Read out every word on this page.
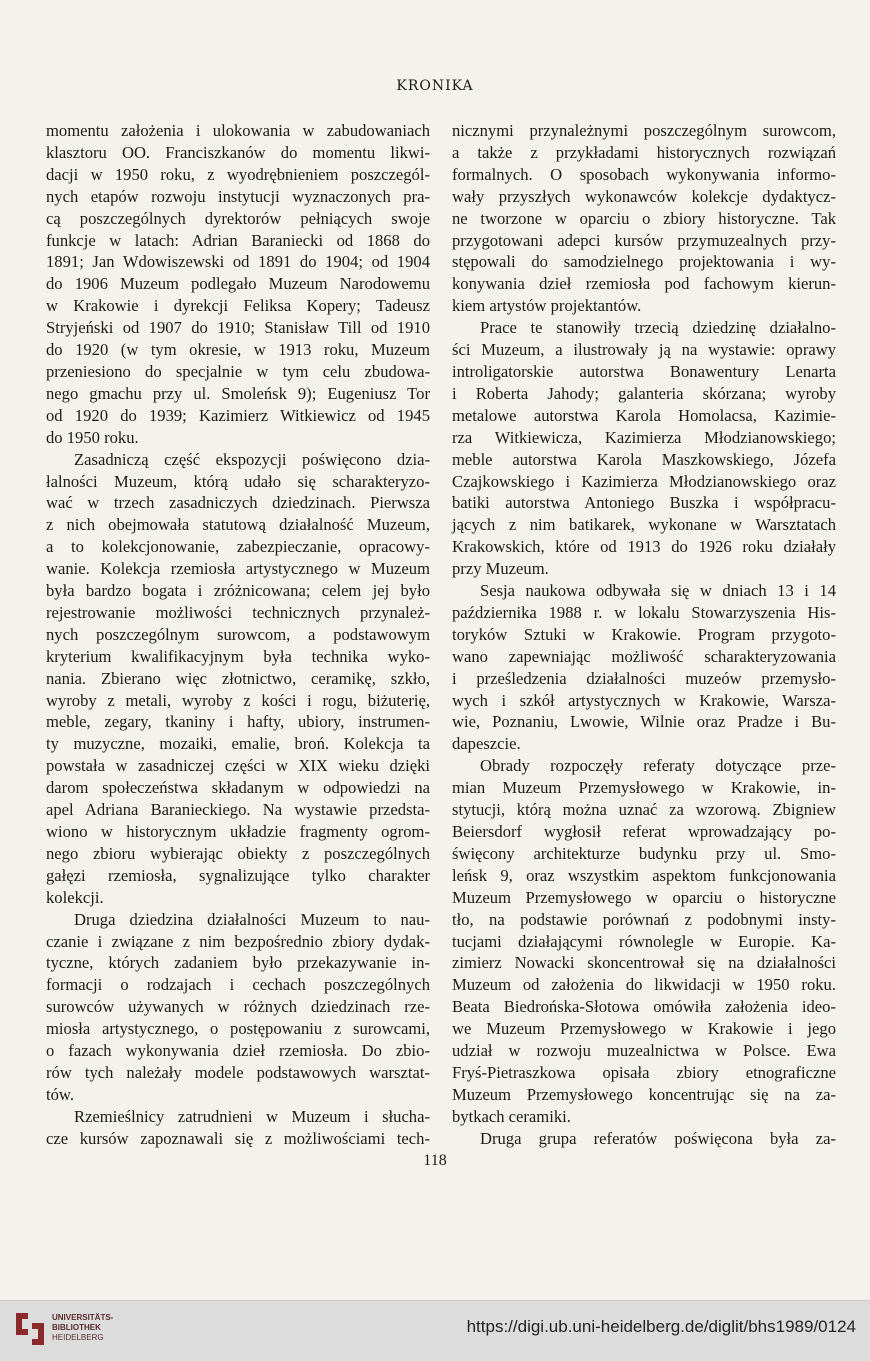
KRONIKA

momentu założenia i ulokowania w zabudowaniach

klasztoru OO. Franciszkanów do momentu likwi-

dacji w 1950 roku, z wyodrębnieniem poszczegól-

nych etapów rozwoju instytucji wyznaczonych pra-

cą poszczególnych dyrektorów pełniących swoje

funkcje w latach: Adrian Baraniecki od 1868 do

1891; Jan Wdowiszewski od 1891 do 1904; od 1904

do 1906 Muzeum podlegało Muzeum Narodowemu

w Krakowie i dyrekcji Feliksa Kopery; Tadeusz

Stryjeński od 1907 do 1910; Stanisław Till od 1910

do 1920 (w tym okresie, w 1913 roku, Muzeum

przeniesiono do specjalnie w tym celu zbudowa-

nego gmachu przy ul. Smoleńsk 9); Eugeniusz Tor

od 1920 do 1939; Kazimierz Witkiewicz od 1945

do 1950 roku.

Zasadniczą część ekspozycji poświęcono dzia-

łalności Muzeum, którą udało się scharakteryzo-

wać w trzech zasadniczych dziedzinach. Pierwsza

z nich obejmowała statutową działalność Muzeum,

a to kolekcjonowanie, zabezpieczanie, opracowy-

wanie. Kolekcja rzemiosła artystycznego w Muzeum

była bardzo bogata i zróżnicowana; celem jej było

rejestrowanie możliwości technicznych przynależ-

nych poszczególnym surowcom, a podstawowym

kryterium kwalifikacyjnym była technika wyko-

nania. Zbierano więc złotnictwo, ceramikę, szkło,

wyroby z metali, wyroby z kości i rogu, biżuterię,

meble, zegary, tkaniny i hafty, ubiory, instrumen-

ty muzyczne, mozaiki, emalie, broń. Kolekcja ta

powstała w zasadniczej części w XIX wieku dzięki

darom społeczeństwa składanym w odpowiedzi na

apel Adriana Baranieckiego. Na wystawie przedsta-

wiono w historycznym układzie fragmenty ogrom-

nego zbioru wybierając obiekty z poszczególnych

gałęzi rzemiosła, sygnalizujące tylko charakter

kolekcji.

Druga dziedzina działalności Muzeum to nau-

czanie i związane z nim bezpośrednio zbiory dydak-

tyczne, których zadaniem było przekazywanie in-

formacji o rodzajach i cechach poszczególnych

surowców używanych w różnych dziedzinach rze-

miosła artystycznego, o postępowaniu z surowcami,

o fazach wykonywania dzieł rzemiosła. Do zbio-

rów tych należały modele podstawowych warsztat-

tów.

Rzemieślnicy zatrudnieni w Muzeum i słucha-

cze kursów zapoznawali się z możliwościami tech-

nicznymi przynależnymi poszczególnym surowcom,

a także z przykładami historycznych rozwiązań

formalnych. O sposobach wykonywania informo-

wały przyszłych wykonawców kolekcje dydaktycz-

ne tworzone w oparciu o zbiory historyczne. Tak

przygotowani adepci kursów przymuzealnych przy-

stępowali do samodzielnego projektowania i wy-

konywania dzieł rzemiosła pod fachowym kierun-

kiem artystów projektantów.

Prace te stanowiły trzecią dziedzinę działalno-

ści Muzeum, a ilustrowały ją na wystawie: oprawy

introligatorskie autorstwa Bonawentury Lenarta

i Roberta Jahody; galanteria skórzana; wyroby

metalowe autorstwa Karola Homolacsa, Kazimie-

rza Witkiewicza, Kazimierza Młodzianowskiego;

meble autorstwa Karola Maszkowskiego, Józefa

Czajkowskiego i Kazimierza Młodzianowskiego oraz

batiki autorstwa Antoniego Buszka i współpracu-

jących z nim batikarek, wykonane w Warsztatach

Krakowskich, które od 1913 do 1926 roku działały

przy Muzeum.

Sesja naukowa odbywała się w dniach 13 i 14

października 1988 r. w lokalu Stowarzyszenia His-

toryków Sztuki w Krakowie. Program przygoto-

wano zapewniając możliwość scharakteryzowania

i prześledzenia działalności muzeów przemysło-

wych i szkół artystycznych w Krakowie, Warsza-

wie, Poznaniu, Lwowie, Wilnie oraz Pradze i Bu-

dapeszcie.

Obrady rozpoczęły referaty dotyczące prze-

mian Muzeum Przemysłowego w Krakowie, in-

stytucji, którą można uznać za wzorową. Zbigniew

Beiersdorf wygłosił referat wprowadzający po-

święcony architekturze budynku przy ul. Smo-

leńsk 9, oraz wszystkim aspektom funkcjonowania

Muzeum Przemysłowego w oparciu o historyczne

tło, na podstawie porównań z podobnymi insty-

tucjami działającymi równolegle w Europie. Ka-

zimierz Nowacki skoncentrował się na działalności

Muzeum od założenia do likwidacji w 1950 roku.

Beata Biedrońska-Słotowa omówiła założenia ideo-

we Muzeum Przemysłowego w Krakowie i jego

udział w rozwoju muzealnictwa w Polsce. Ewa

Fryś-Pietraszkowa opisała zbiory etnograficzne

Muzeum Przemysłowego koncentrując się na za-

bytkach ceramiki.

Druga grupa referatów poświęcona była za-

118
UNIVERSITÄTS-
BIBLIOTHEK
HEIDELBERG
https://digi.ub.uni-heidelberg.de/diglit/bhs1989/0124
